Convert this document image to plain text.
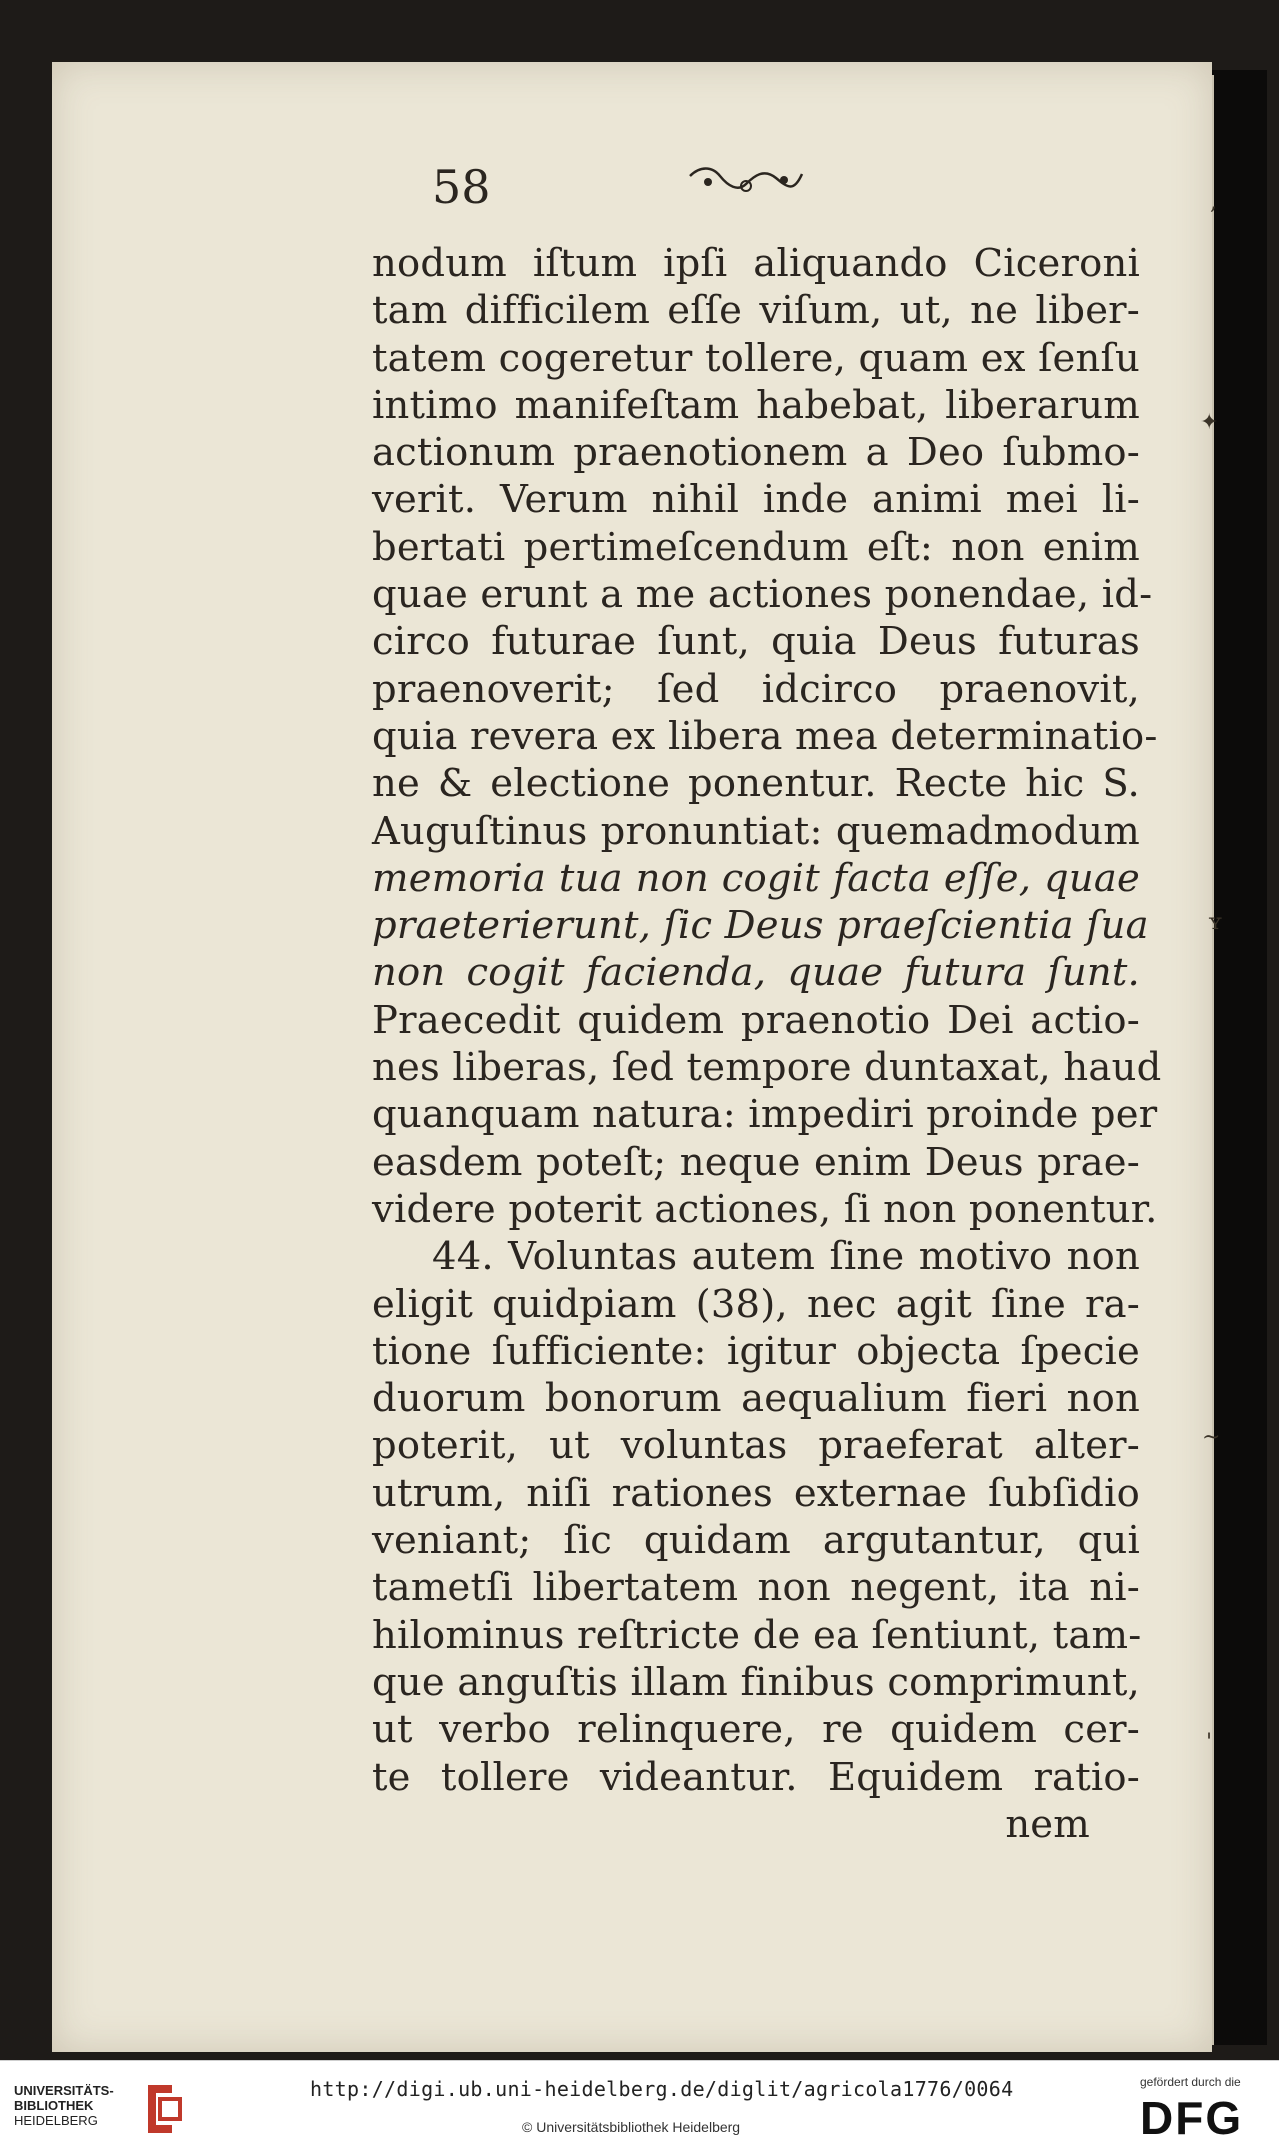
,
✦
ʏ
~
'
58
nodum iſtum ipſi aliquando Ciceroni
tam difficilem eſſe viſum, ut, ne liber-
tatem cogeretur tollere, quam ex ſenſu
intimo manifeſtam habebat, liberarum
actionum praenotionem a Deo ſubmo-
verit. Verum nihil inde animi mei li-
bertati pertimeſcendum eſt: non enim
quae erunt a me actiones ponendae, id-
circo futurae ſunt, quia Deus futuras
praenoverit; ſed idcirco praenovit,
quia revera ex libera mea determinatio-
ne & electione ponentur. Recte hic S.
Auguſtinus pronuntiat: quemadmodum
memoria tua non cogit facta eſſe, quae
praeterierunt, ſic Deus praeſcientia ſua
non cogit facienda, quae futura ſunt.
Praecedit quidem praenotio Dei actio-
nes liberas, ſed tempore duntaxat, haud
quanquam natura: impediri proinde per
easdem poteſt; neque enim Deus prae-
videre poterit actiones, ſi non ponentur.
44. Voluntas autem ſine motivo non
eligit quidpiam (38), nec agit ſine ra-
tione ſufficiente: igitur objecta ſpecie
duorum bonorum aequalium fieri non
poterit, ut voluntas praeferat alter-
utrum, niſi rationes externae ſubſidio
veniant; ſic quidam argutantur, qui
tametſi libertatem non negent, ita ni-
hilominus reſtricte de ea ſentiunt, tam-
que anguſtis illam finibus comprimunt,
ut verbo relinquere, re quidem cer-
te tollere videantur. Equidem ratio-
nem
UNIVERSITÄTS-
BIBLIOTHEK
HEIDELBERG
http://digi.ub.uni-heidelberg.de/diglit/agricola1776/0064
© Universitätsbibliothek Heidelberg
gefördert durch die
DFG
